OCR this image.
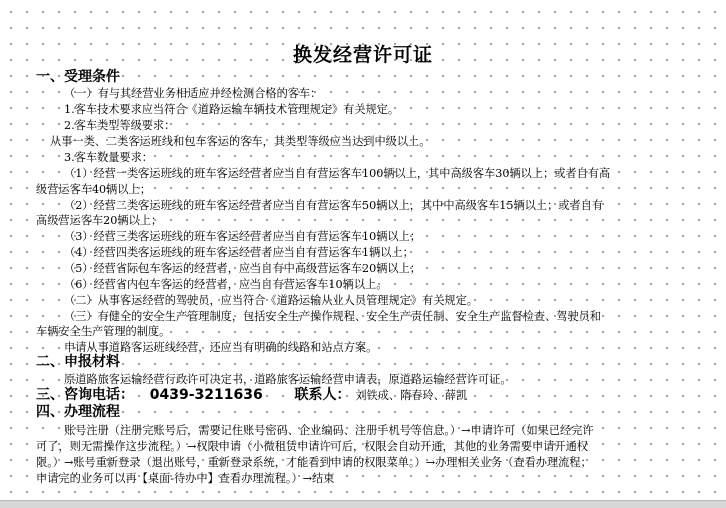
换发经营许可证
一、受理条件
（一）有与其经营业务相适应并经检测合格的客车：
1.客车技术要求应当符合《道路运输车辆技术管理规定》有关规定。
2.客车类型等级要求：
从事一类、二类客运班线和包车客运的客车，其类型等级应当达到中级以上。
3.客车数量要求：
（1）经营一类客运班线的班车客运经营者应当自有营运客车100辆以上，其中高级客车30辆以上；或者自有高
级营运客车40辆以上；
（2）经营二类客运班线的班车客运经营者应当自有营运客车50辆以上，其中中高级客车15辆以上；或者自有
高级营运客车20辆以上；
（3）经营三类客运班线的班车客运经营者应当自有营运客车10辆以上；
（4）经营四类客运班线的班车客运经营者应当自有营运客车1辆以上；
（5）经营省际包车客运的经营者，应当自有中高级营运客车20辆以上；
（6）经营省内包车客运的经营者，应当自有营运客车10辆以上。
（二）从事客运经营的驾驶员，应当符合《道路运输从业人员管理规定》有关规定。
（三）有健全的安全生产管理制度，包括安全生产操作规程、安全生产责任制、安全生产监督检查、驾驶员和
车辆安全生产管理的制度。
申请从事道路客运班线经营，还应当有明确的线路和站点方案。
二、申报材料
原道路旅客运输经营行政许可决定书，道路旅客运输经营申请表，原道路运输经营许可证。
三、咨询电话： 0439-3211636 联系人： 刘铁成、隋春玲、薛凯
四、办理流程
账号注册（注册完账号后，需要记住账号密码、企业编码、注册手机号等信息。）→申请许可（如果已经完许
可了，则无需操作这步流程。）→权限申请（小微租赁申请许可后，权限会自动开通，其他的业务需要申请开通权
限。）→账号重新登录（退出账号，重新登录系统，才能看到申请的权限菜单。）→办理相关业务（查看办理流程；
申请完的业务可以再【桌面-待办中】查看办理流程。）→结束
